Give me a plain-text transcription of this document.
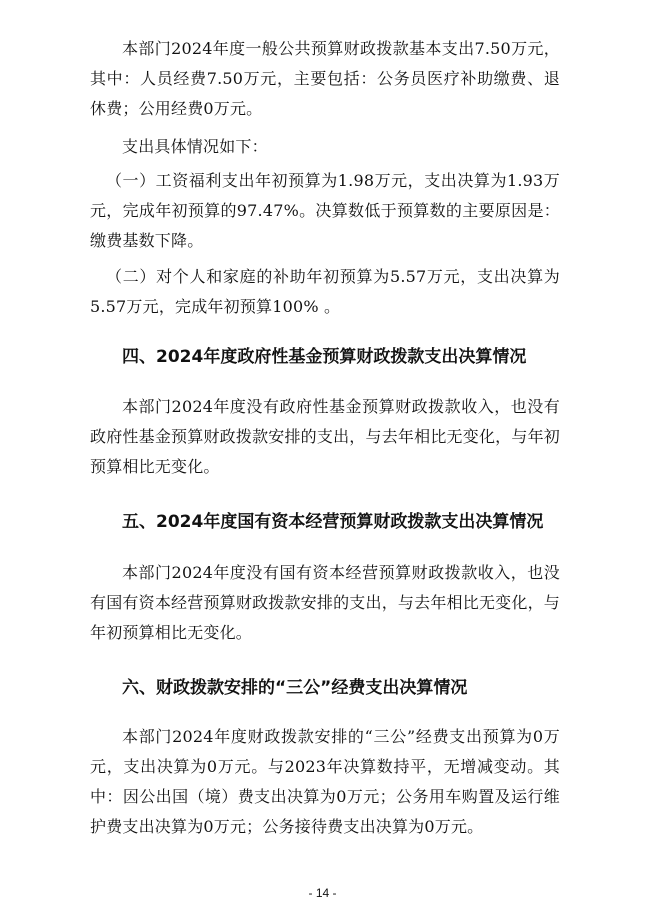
本部门2024年度一般公共预算财政拨款基本支出7.50万元，其中：人员经费7.50万元，主要包括：公务员医疗补助缴费、退休费；公用经费0万元。

支出具体情况如下：

（一）工资福利支出年初预算为1.98万元，支出决算为1.93万元，完成年初预算的97.47%。决算数低于预算数的主要原因是：缴费基数下降。

（二）对个人和家庭的补助年初预算为5.57万元，支出决算为5.57万元，完成年初预算100% 。

四、2024年度政府性基金预算财政拨款支出决算情况

本部门2024年度没有政府性基金预算财政拨款收入，也没有政府性基金预算财政拨款安排的支出，与去年相比无变化，与年初预算相比无变化。

五、2024年度国有资本经营预算财政拨款支出决算情况

本部门2024年度没有国有资本经营预算财政拨款收入，也没有国有资本经营预算财政拨款安排的支出，与去年相比无变化，与年初预算相比无变化。

六、财政拨款安排的“三公”经费支出决算情况

本部门2024年度财政拨款安排的“三公”经费支出预算为0万元，支出决算为0万元。与2023年决算数持平，无增减变动。其中：因公出国（境）费支出决算为0万元；公务用车购置及运行维护费支出决算为0万元；公务接待费支出决算为0万元。

- 14 -
